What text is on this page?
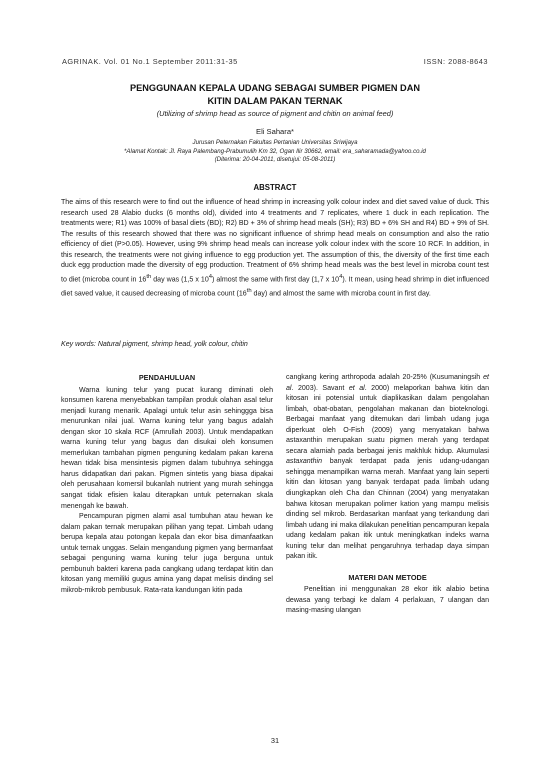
AGRINAK. Vol. 01 No.1 September 2011:31-35	ISSN: 2088-8643
PENGGUNAAN KEPALA UDANG SEBAGAI SUMBER PIGMEN DAN
KITIN DALAM PAKAN TERNAK
(Utilizing of shrimp head as source of pigment and chitin on animal feed)
Eli Sahara*
Jurusan Peternakan Fakultas Pertanian Universitas Sriwijaya
*Alamat Kontak: Jl. Raya Palembang-Prabumulih Km 32, Ogan Ilir 30662, email: era_saharamada@yahoo.co.id
(Diterima: 20-04-2011, disetujui: 05-08-2011)
ABSTRACT

The aims of this research were to find out the influence of head shrimp in increasing yolk colour index and diet saved value of duck. This research used 28 Alabio ducks (6 months old), divided into 4 treatments and 7 replicates, where 1 duck in each replication. The treatments were; R1) was 100% of basal diets (BD); R2) BD + 3% of shrimp head meals (SH); R3) BD + 6% SH and R4) BD + 9% of SH. The results of this research showed that there was no significant influence of shrimp head meals on consumption and also the ratio efficiency of diet (P>0.05). However, using 9% shrimp head meals can increase yolk colour index with the score 10 RCF. In addition, in this research, the treatments were not giving influence to egg production yet. The assumption of this, the diversity of the first time each duck egg production made the diversity of egg production. Treatment of 6% shrimp head meals was the best level in microba count test to diet (microba count in 16th day was (1,5 x $10^4$) almost the same with first day (1,7 x $10^4$). It mean, using head shrimp in diet influenced diet saved value, it caused decreasing of microba count (16th day) and almost the same with microba count in first day.

Key words: Natural pigment, shrimp head, yolk colour, chitin
PENDAHULUAN

Warna kuning telur yang pucat kurang diminati oleh konsumen karena menyebabkan tampilan produk olahan asal telur menjadi kurang menarik. Apalagi untuk telur asin sehinggga bisa menurunkan nilai jual. Warna kuning telur yang bagus adalah dengan skor 10 skala RCF (Amrullah 2003). Untuk mendapatkan warna kuning telur yang bagus dan disukai oleh konsumen memerlukan tambahan pigmen penguning kedalam pakan karena hewan tidak bisa mensintesis pigmen dalam tubuhnya sehingga harus didapatkan dari pakan. Pigmen sintetis yang biasa dipakai oleh perusahaan komersil bukanlah nutrient yang murah sehingga sangat tidak efisien kalau diterapkan untuk peternakan skala menengah ke bawah.

Pencampuran pigmen alami asal tumbuhan atau hewan ke dalam pakan ternak merupakan pilihan yang tepat. Limbah udang berupa kepala atau potongan kepala dan ekor bisa dimanfaatkan untuk ternak unggas. Selain mengandung pigmen yang bermanfaat sebagai penguning warna kuning telur juga berguna untuk pembunuh bakteri karena pada cangkang udang terdapat kitin dan kitosan yang memiliki gugus amina yang dapat melisis dinding sel mikrob-mikrob pembusuk. Rata-rata kandungan kitin pada

cangkang kering arthropoda adalah 20-25% (Kusumaningsih et al. 2003). Savant et al. 2000) melaporkan bahwa kitin dan kitosan ini potensial untuk diaplikasikan dalam pengolahan limbah, obat-obatan, pengolahan makanan dan bioteknologi. Berbagai manfaat yang ditemukan dari limbah udang juga diperkuat oleh O-Fish (2009) yang menyatakan bahwa astaxanthin merupakan suatu pigmen merah yang terdapat secara alamiah pada berbagai jenis makhluk hidup. Akumulasi astaxanthin banyak terdapat pada jenis udang-udangan sehingga menampilkan warna merah. Manfaat yang lain seperti kitin dan kitosan yang banyak terdapat pada limbah udang diungkapkan oleh Cha dan Chinnan (2004) yang menyatakan bahwa kitosan merupakan polimer kation yang mampu melisis dinding sel mikrob. Berdasarkan manfaat yang terkandung dari limbah udang ini maka dilakukan penelitian pencampuran kepala udang kedalam pakan itik untuk meningkatkan indeks warna kuning telur dan melihat pengaruhnya terhadap daya simpan pakan itik.

MATERI DAN METODE

Penelitian ini menggunakan 28 ekor itik alabio betina dewasa yang terbagi ke dalam 4 perlakuan, 7 ulangan dan masing-masing ulangan

31
